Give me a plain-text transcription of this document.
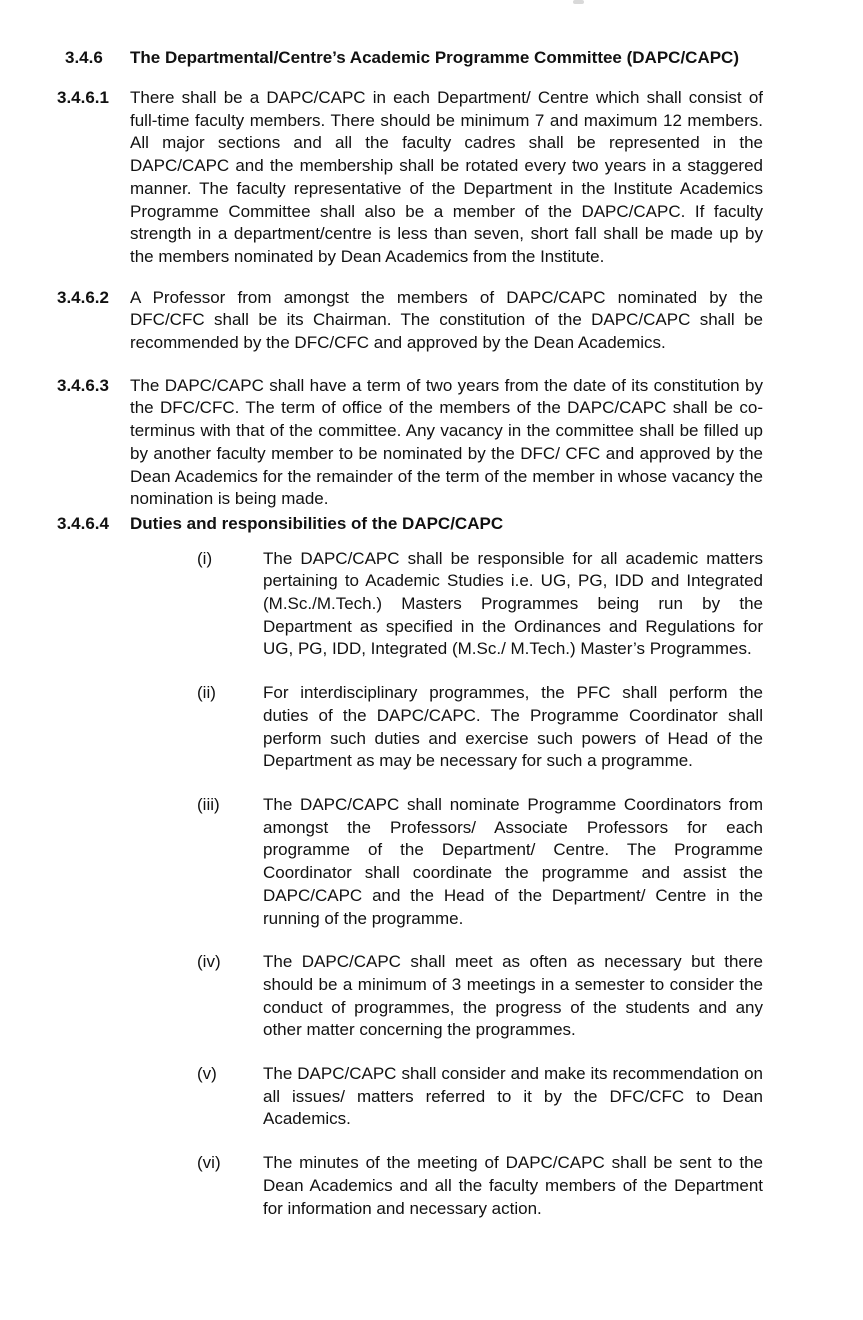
3.4.6	The Departmental/Centre’s Academic Programme Committee (DAPC/CAPC)
3.4.6.1	There shall be a DAPC/CAPC in each Department/ Centre which shall consist of full-time faculty members. There should be minimum 7 and maximum 12 members. All major sections and all the faculty cadres shall be represented in the DAPC/CAPC and the membership shall be rotated every two years in a staggered manner. The faculty representative of the Department in the Institute Academics Programme Committee shall also be a member of the DAPC/CAPC. If faculty strength in a department/centre is less than seven, short fall shall be made up by the members nominated by Dean Academics from the Institute.
3.4.6.2	A Professor from amongst the members of DAPC/CAPC nominated by the DFC/CFC shall be its Chairman. The constitution of the DAPC/CAPC shall be recommended by the DFC/CFC and approved by the Dean Academics.
3.4.6.3	The DAPC/CAPC shall have a term of two years from the date of its constitution by the DFC/CFC. The term of office of the members of the DAPC/CAPC shall be co-terminus with that of the committee. Any vacancy in the committee shall be filled up by another faculty member to be nominated by the DFC/ CFC and approved by the Dean Academics for the remainder of the term of the member in whose vacancy the nomination is being made.
3.4.6.4	Duties and responsibilities of the DAPC/CAPC
(i)	The DAPC/CAPC shall be responsible for all academic matters pertaining to Academic Studies i.e. UG, PG, IDD and Integrated (M.Sc./M.Tech.) Masters Programmes being run by the Department as specified in the Ordinances and Regulations for UG, PG, IDD, Integrated (M.Sc./ M.Tech.) Master’s Programmes.
(ii)	For interdisciplinary programmes, the PFC shall perform the duties of the DAPC/CAPC. The Programme Coordinator shall perform such duties and exercise such powers of Head of the Department as may be necessary for such a programme.
(iii)	The DAPC/CAPC shall nominate Programme Coordinators from amongst the Professors/ Associate Professors for each programme of the Department/ Centre. The Programme Coordinator shall coordinate the programme and assist the DAPC/CAPC and the Head of the Department/ Centre in the running of the programme.
(iv)	The DAPC/CAPC shall meet as often as necessary but there should be a minimum of 3 meetings in a semester to consider the conduct of programmes, the progress of the students and any other matter concerning the programmes.
(v)	The DAPC/CAPC shall consider and make its recommendation on all issues/ matters referred to it by the DFC/CFC to Dean Academics.
(vi)	The minutes of the meeting of DAPC/CAPC shall be sent to the Dean Academics and all the faculty members of the Department for information and necessary action.
